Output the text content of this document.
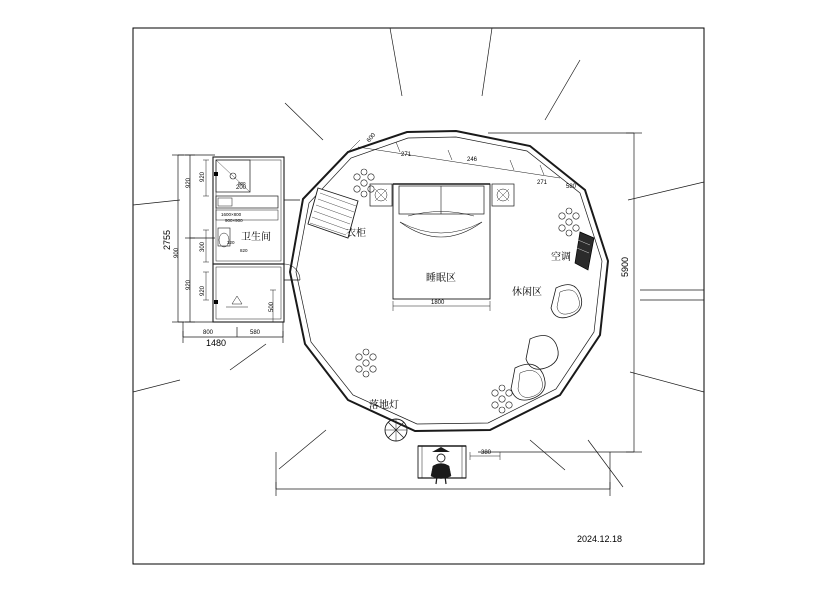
卫生间	衣柜
睡眠区
空调
休闲区
落地灯
5900
2755
1480
920
900
920
800	580
920
300
920
500
200
1800
600
271
246
271
580
380
1600×800
900×900
900
320
820
2024.12.18
